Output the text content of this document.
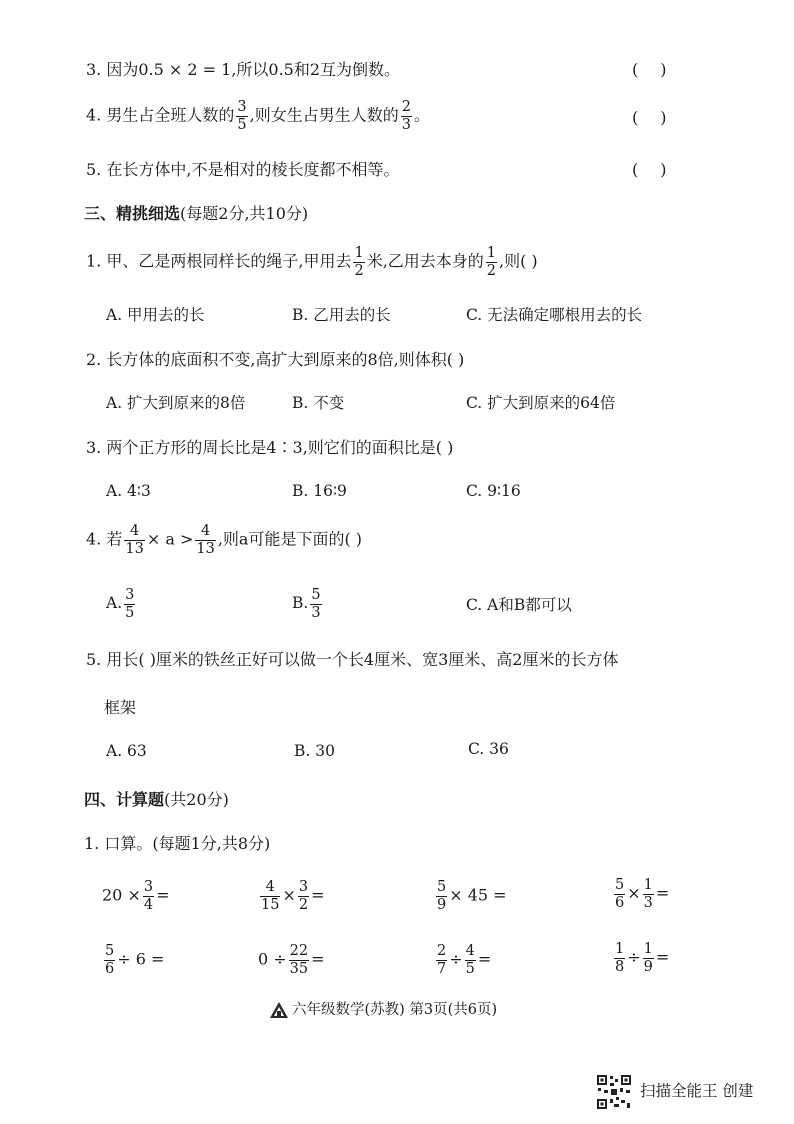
3. 因为0.5 × 2 = 1,所以0.5和2互为倒数。	()
4. 男生占全班人数的 $\frac{3}{5}$ ,则女生占男生人数的 $\frac{2}{3}$ 。	()
5. 在长方体中,不是相对的棱长度都不相等。	()
三、精挑细选(每题2分,共10分)
1. 甲、乙是两根同样长的绳子,甲用去 $\frac{1}{2}$ 米,乙用去本身的 $\frac{1}{2}$ ,则( )
A. 甲用去的长	B. 乙用去的长	C. 无法确定哪根用去的长
2. 长方体的底面积不变,高扩大到原来的8倍,则体积( )
A. 扩大到原来的8倍	B. 不变	C. 扩大到原来的64倍
3. 两个正方形的周长比是4∶3,则它们的面积比是( )
A. 4∶3	B. 16∶9	C. 9∶16
4. 若 $\frac{4}{13} \times a > \frac{4}{13}$ ,则a可能是下面的( )
A. $\frac{3}{5}$	B. $\frac{5}{3}$	C. A和B都可以
5. 用长( )厘米的铁丝正好可以做一个长4厘米、宽3厘米、高2厘米的长方体
框架
A. 63	B. 30	C. 36
四、计算题(共20分)
1. 口算。(每题1分,共8分)
$20 \times \frac{3}{4}$ =	$\frac{4}{15} \times \frac{3}{2}$ =	$\frac{5}{9} \times 45$ =	$\frac{5}{6} \times \frac{1}{3}$ =
$\frac{5}{6} \div 6$ =	$0 \div \frac{22}{35}$ =	$\frac{2}{7} \div \frac{4}{5}$ =	$\frac{1}{8} \div \frac{1}{9}$ =
六年级数学(苏教) 第3页(共6页)
扫描全能王 创建
